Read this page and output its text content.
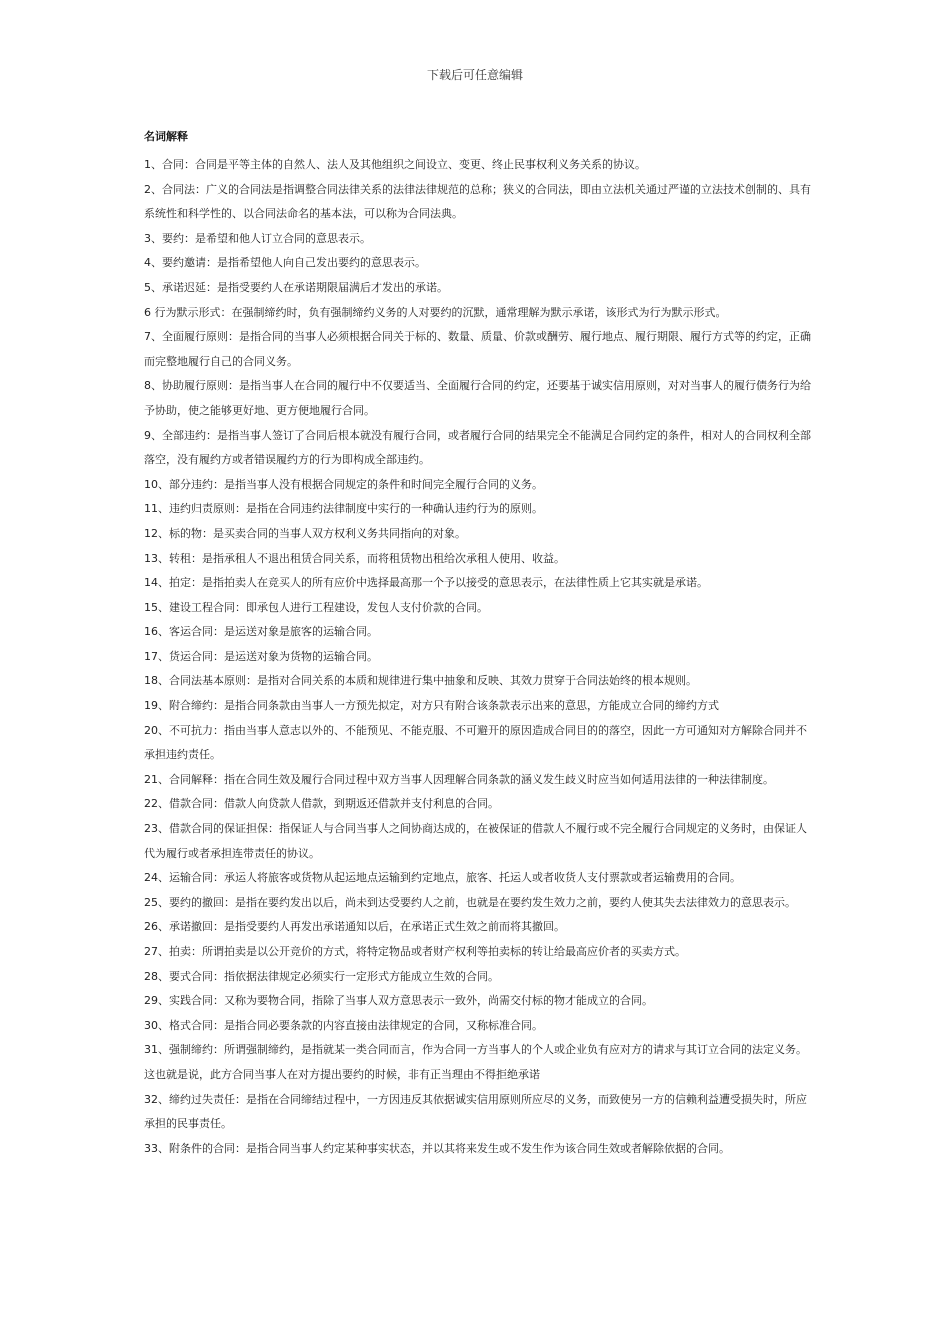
下载后可任意编辑
名词解释
1、合同：合同是平等主体的自然人、法人及其他组织之间设立、变更、终止民事权利义务关系的协议。
2、合同法：广义的合同法是指调整合同法律关系的法律法律规范的总称；狭义的合同法，即由立法机关通过严谨的立法技术创制的、具有系统性和科学性的、以合同法命名的基本法，可以称为合同法典。
3、要约：是希望和他人订立合同的意思表示。
4、要约邀请：是指希望他人向自己发出要约的意思表示。
5、承诺迟延：是指受要约人在承诺期限届满后才发出的承诺。
6 行为默示形式：在强制缔约时，负有强制缔约义务的人对要约的沉默，通常理解为默示承诺，该形式为行为默示形式。
7、全面履行原则：是指合同的当事人必须根据合同关于标的、数量、质量、价款或酬劳、履行地点、履行期限、履行方式等的约定，正确而完整地履行自己的合同义务。
8、协助履行原则：是指当事人在合同的履行中不仅要适当、全面履行合同的约定，还要基于诚实信用原则，对对当事人的履行债务行为给予协助，使之能够更好地、更方便地履行合同。
9、全部违约：是指当事人签订了合同后根本就没有履行合同，或者履行合同的结果完全不能满足合同约定的条件，相对人的合同权利全部落空，没有履约方或者错误履约方的行为即构成全部违约。
10、部分违约：是指当事人没有根据合同规定的条件和时间完全履行合同的义务。
11、违约归责原则：是指在合同违约法律制度中实行的一种确认违约行为的原则。
12、标的物：是买卖合同的当事人双方权利义务共同指向的对象。
13、转租：是指承租人不退出租赁合同关系，而将租赁物出租给次承租人使用、收益。
14、拍定：是指拍卖人在竞买人的所有应价中选择最高那一个予以接受的意思表示，在法律性质上它其实就是承诺。
15、建设工程合同：即承包人进行工程建设，发包人支付价款的合同。
16、客运合同：是运送对象是旅客的运输合同。
17、货运合同：是运送对象为货物的运输合同。
18、合同法基本原则：是指对合同关系的本质和规律进行集中抽象和反映、其效力贯穿于合同法始终的根本规则。
19、附合缔约：是指合同条款由当事人一方预先拟定，对方只有附合该条款表示出来的意思，方能成立合同的缔约方式
20、不可抗力：指由当事人意志以外的、不能预见、不能克服、不可避开的原因造成合同目的的落空，因此一方可通知对方解除合同并不承担违约责任。
21、合同解释：指在合同生效及履行合同过程中双方当事人因理解合同条款的涵义发生歧义时应当如何适用法律的一种法律制度。
22、借款合同：借款人向贷款人借款，到期返还借款并支付利息的合同。
23、借款合同的保证担保：指保证人与合同当事人之间协商达成的，在被保证的借款人不履行或不完全履行合同规定的义务时，由保证人代为履行或者承担连带责任的协议。
24、运输合同：承运人将旅客或货物从起运地点运输到约定地点，旅客、托运人或者收货人支付票款或者运输费用的合同。
25、要约的撤回：是指在要约发出以后，尚未到达受要约人之前，也就是在要约发生效力之前，要约人使其失去法律效力的意思表示。
26、承诺撤回：是指受要约人再发出承诺通知以后，在承诺正式生效之前而将其撤回。
27、拍卖：所谓拍卖是以公开竞价的方式，将特定物品或者财产权利等拍卖标的转让给最高应价者的买卖方式。
28、要式合同：指依据法律规定必须实行一定形式方能成立生效的合同。
29、实践合同：又称为要物合同，指除了当事人双方意思表示一致外，尚需交付标的物才能成立的合同。
30、格式合同：是指合同必要条款的内容直接由法律规定的合同，又称标准合同。
31、强制缔约：所谓强制缔约，是指就某一类合同而言，作为合同一方当事人的个人或企业负有应对方的请求与其订立合同的法定义务。这也就是说，此方合同当事人在对方提出要约的时候，非有正当理由不得拒绝承诺
32、缔约过失责任：是指在合同缔结过程中，一方因违反其依据诚实信用原则所应尽的义务，而致使另一方的信赖利益遭受损失时，所应承担的民事责任。
33、附条件的合同：是指合同当事人约定某种事实状态，并以其将来发生或不发生作为该合同生效或者解除依据的合同。
